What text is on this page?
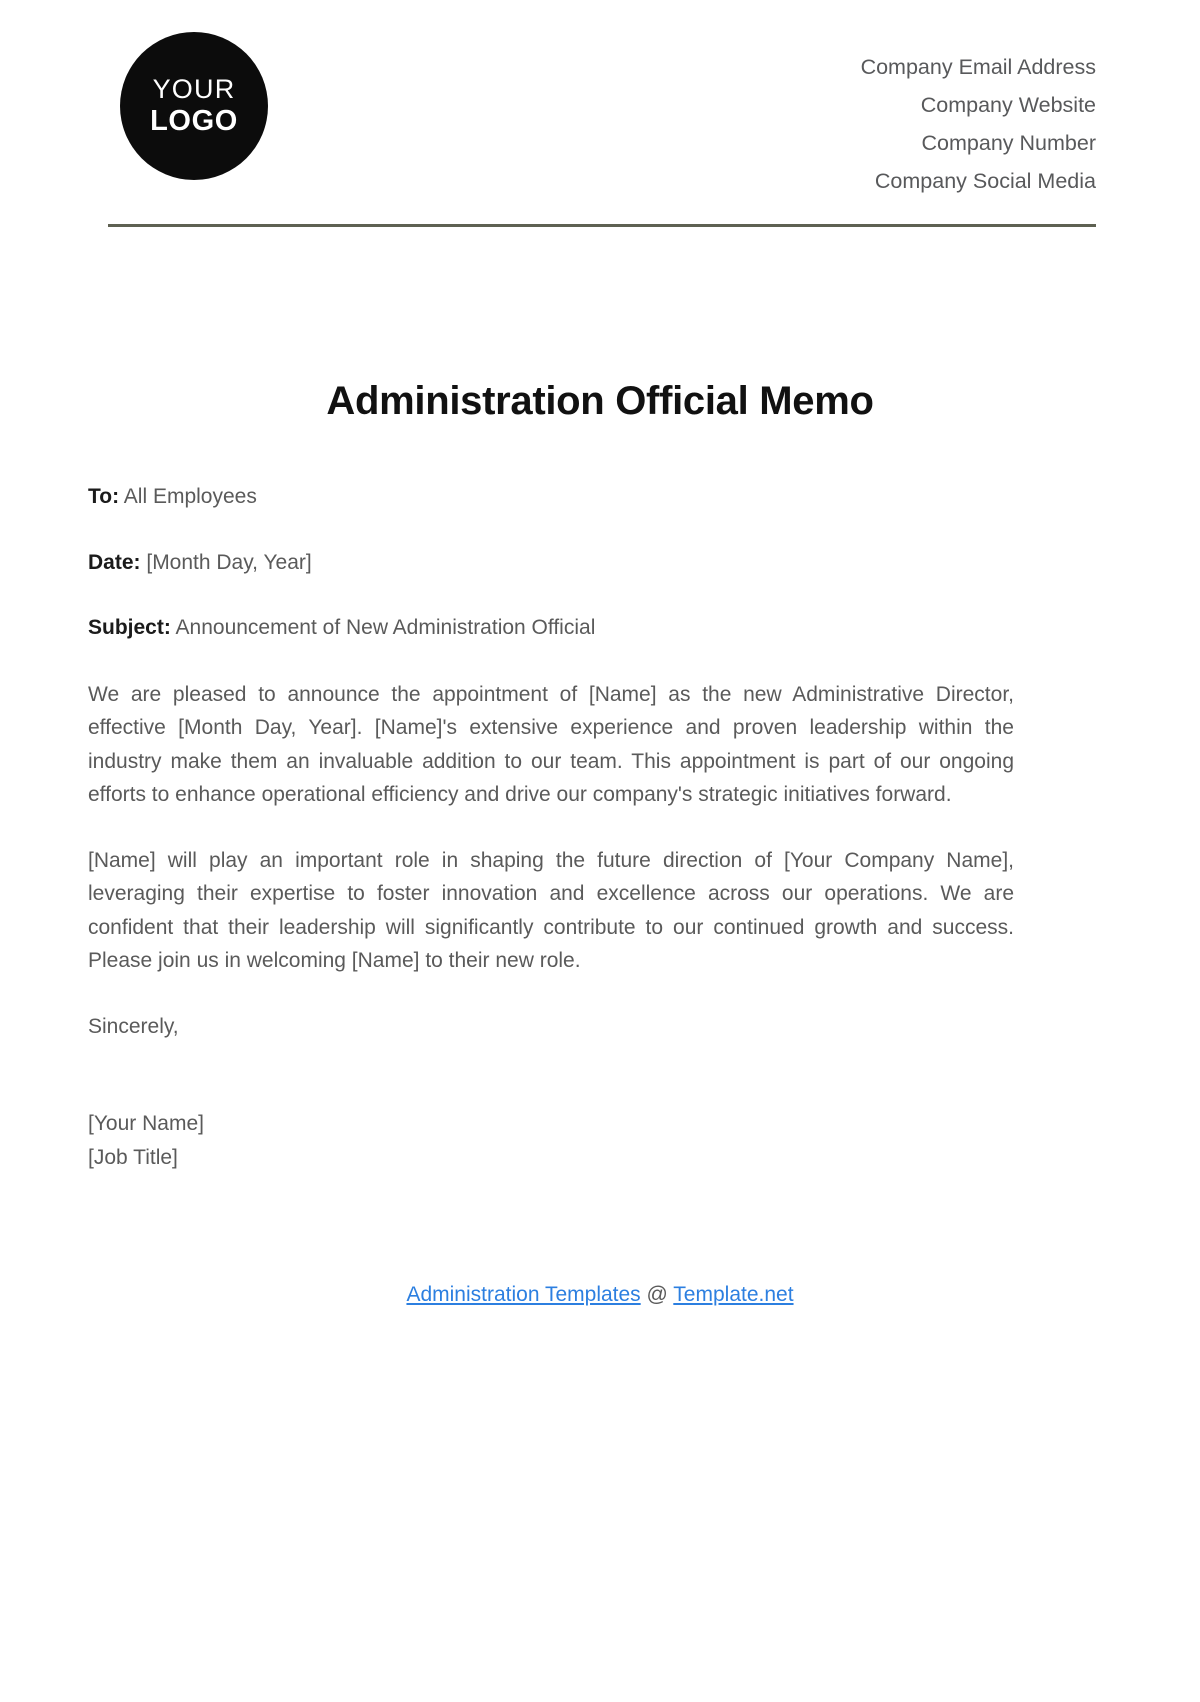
YOUR
LOGO
Company Email Address
Company Website
Company Number
Company Social Media
Administration Official Memo
To: All Employees
Date: [Month Day, Year]
Subject: Announcement of New Administration Official

We are pleased to announce the appointment of [Name] as the new Administrative Director, effective [Month Day, Year]. [Name]'s extensive experience and proven leadership within the industry make them an invaluable addition to our team. This appointment is part of our ongoing efforts to enhance operational efficiency and drive our company's strategic initiatives forward.

[Name] will play an important role in shaping the future direction of [Your Company Name], leveraging their expertise to foster innovation and excellence across our operations. We are confident that their leadership will significantly contribute to our continued growth and success. Please join us in welcoming [Name] to their new role.

Sincerely,
[Your Name]
[Job Title]
Administration Templates @ Template.net
